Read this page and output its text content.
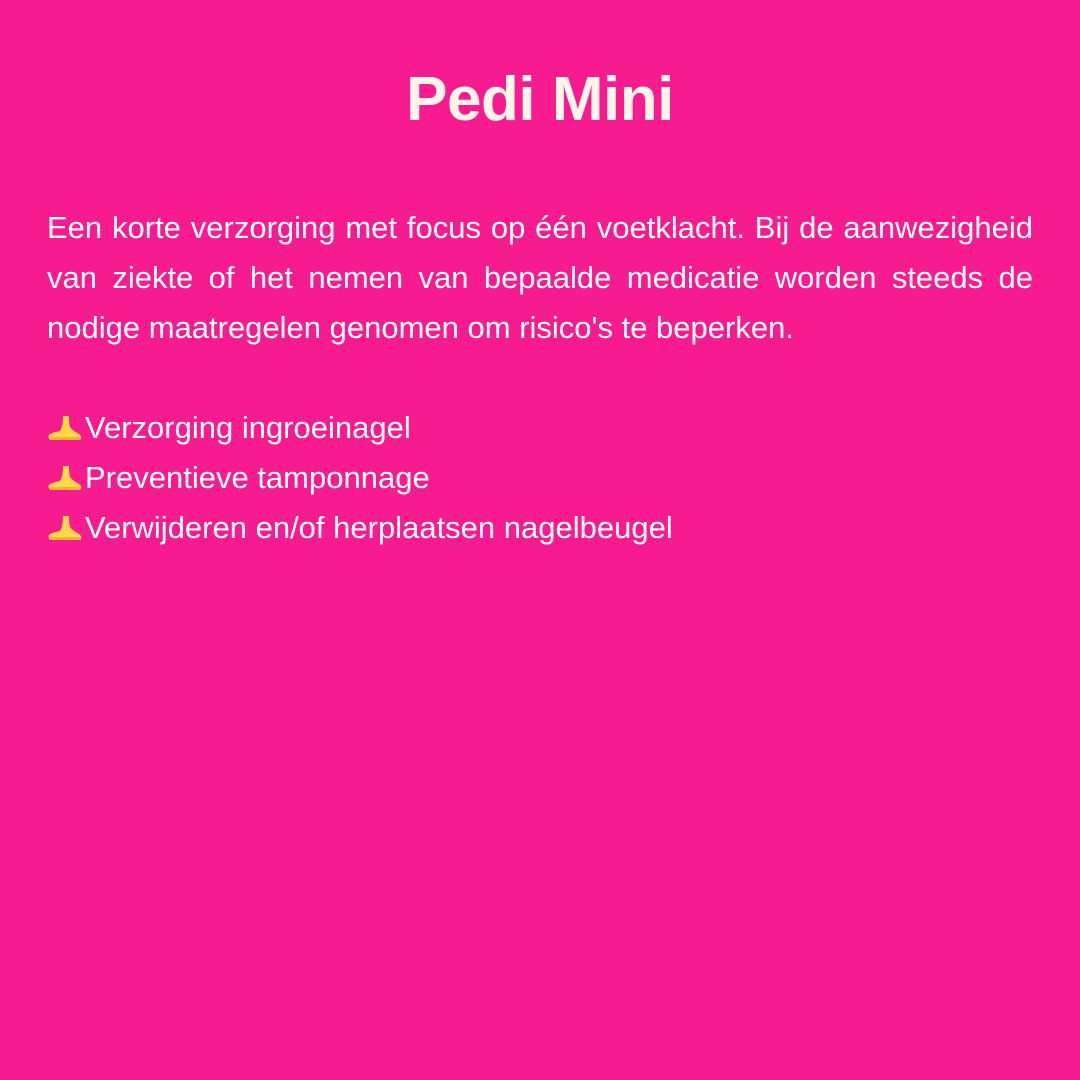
Pedi Mini

Een korte verzorging met focus op één voetklacht. Bij de aanwezigheid van ziekte of het nemen van bepaalde medicatie worden steeds de nodige maatregelen genomen om risico's te beperken.

Verzorging ingroeinagel
Preventieve tamponnage
Verwijderen en/of herplaatsen nagelbeugel
